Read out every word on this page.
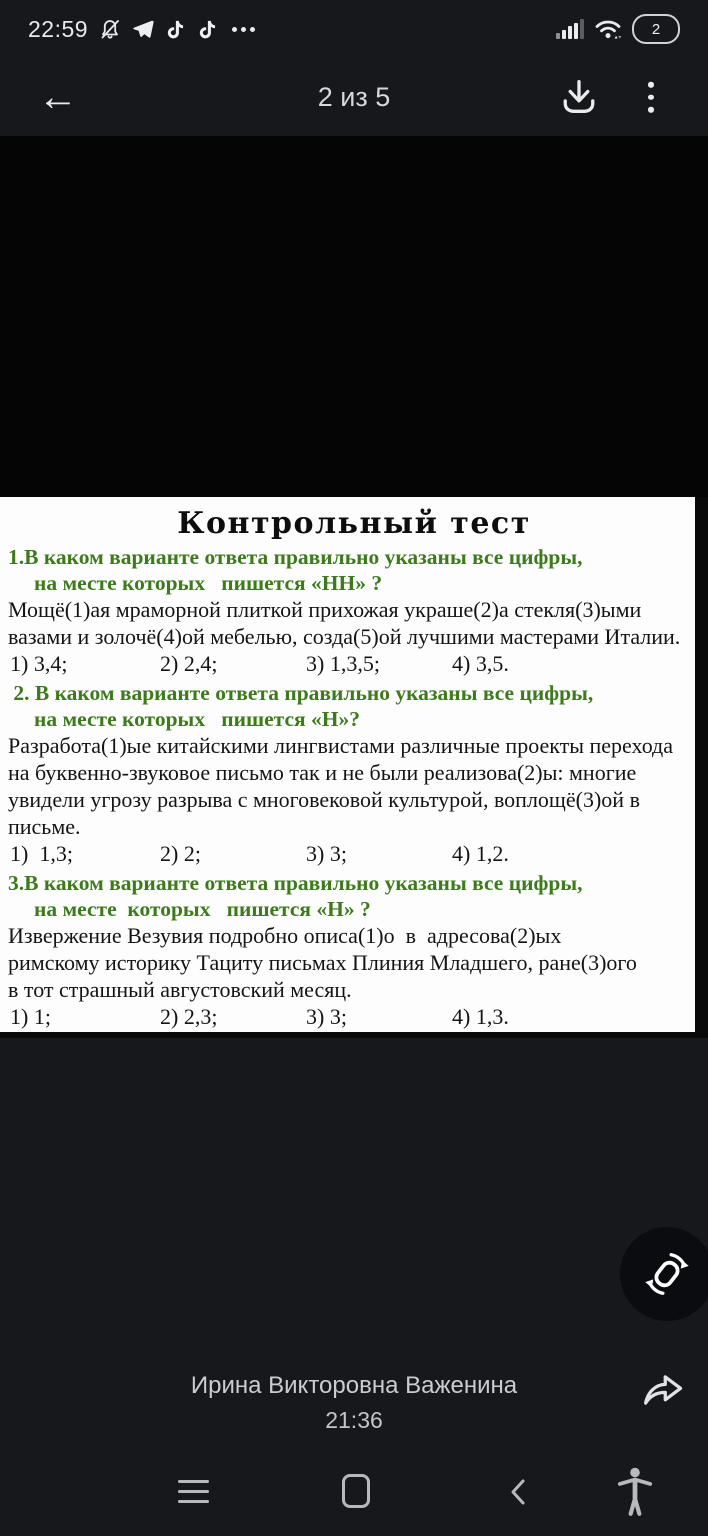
22:59	2
←	2 из 5
Контрольный тест
1.В каком варианте ответа правильно указаны все цифры,
на месте которых   пишется «НН» ?
Мощё(1)ая мраморной плиткой прихожая украше(2)а стекля(3)ыми
вазами и золочё(4)ой мебелью, созда(5)ой лучшими мастерами Италии.
1) 3,4;	2) 2,4;	3) 1,3,5;	4) 3,5.
2. В каком варианте ответа правильно указаны все цифры,
на месте которых   пишется «Н»?
Разработа(1)ые китайскими лингвистами различные проекты перехода
на буквенно-звуковое письмо так и не были реализова(2)ы: многие
увидели угрозу разрыва с многовековой культурой, воплощё(3)ой в
письме.
1)  1,3;	2) 2;	3) 3;	4) 1,2.
3.В каком варианте ответа правильно указаны все цифры,
на месте  которых   пишется «Н» ?
Извержение Везувия подробно описа(1)о  в  адресова(2)ых
римскому историку Тациту письмах Плиния Младшего, ране(3)ого
в тот страшный августовский месяц.
1) 1;	2) 2,3;	3) 3;	4) 1,3.
Ирина Викторовна Важенина
21:36
